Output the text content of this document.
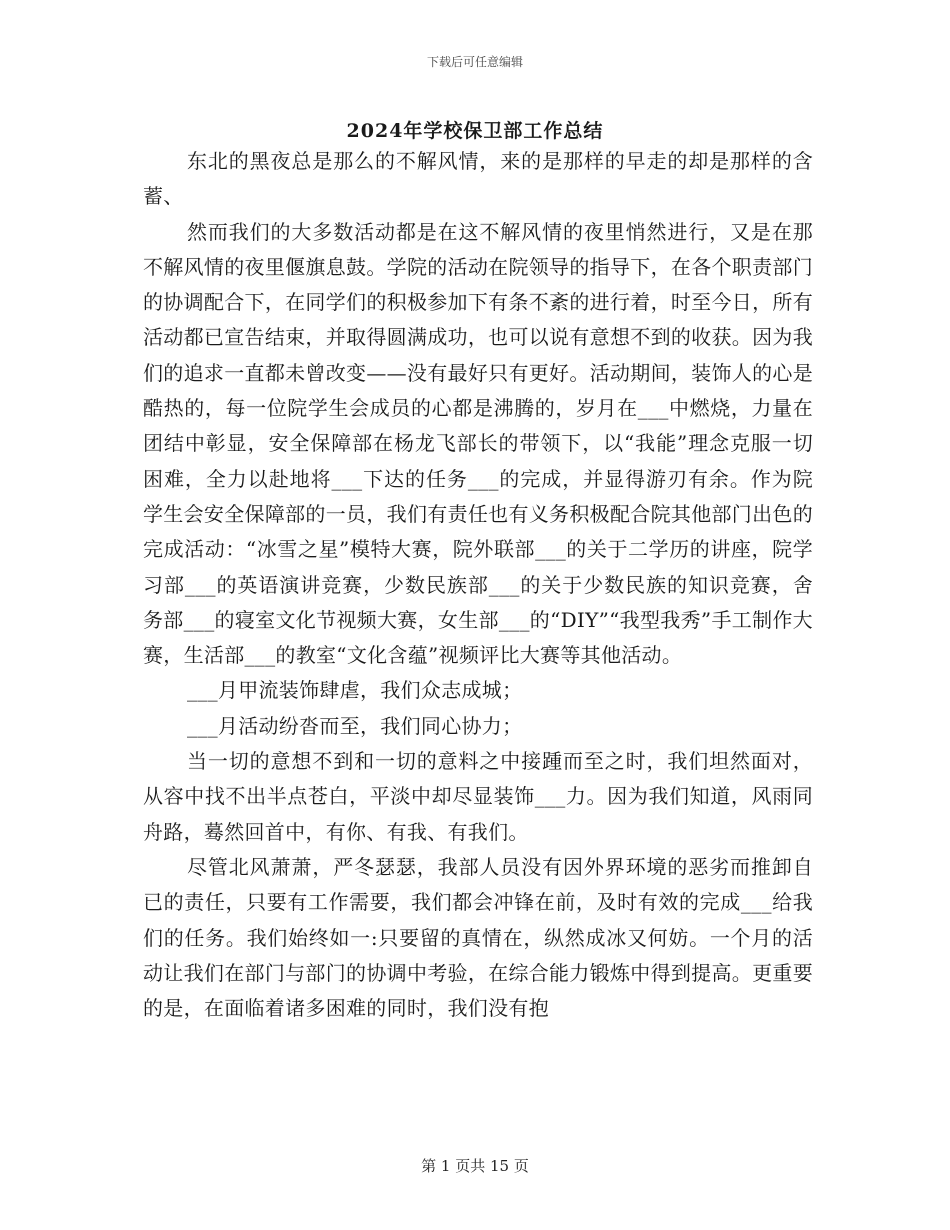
下载后可任意编辑
2024年学校保卫部工作总结

东北的黑夜总是那么的不解风情，来的是那样的早走的却是那样的含蓄、

然而我们的大多数活动都是在这不解风情的夜里悄然进行，又是在那不解风情的夜里偃旗息鼓。学院的活动在院领导的指导下，在各个职责部门的协调配合下，在同学们的积极参加下有条不紊的进行着，时至今日，所有活动都已宣告结束，并取得圆满成功，也可以说有意想不到的收获。因为我们的追求一直都未曾改变——没有最好只有更好。活动期间，装饰人的心是酷热的，每一位院学生会成员的心都是沸腾的，岁月在___中燃烧，力量在团结中彰显，安全保障部在杨龙飞部长的带领下，以“我能”理念克服一切困难，全力以赴地将___下达的任务___的完成，并显得游刃有余。作为院学生会安全保障部的一员，我们有责任也有义务积极配合院其他部门出色的完成活动：“冰雪之星”模特大赛，院外联部___的关于二学历的讲座，院学习部___的英语演讲竞赛，少数民族部___的关于少数民族的知识竞赛，舍务部___的寝室文化节视频大赛，女生部___的“DIY”“我型我秀”手工制作大赛，生活部___的教室“文化含蕴”视频评比大赛等其他活动。

___月甲流装饰肆虐，我们众志成城；

___月活动纷沓而至，我们同心协力；

当一切的意想不到和一切的意料之中接踵而至之时，我们坦然面对，从容中找不出半点苍白，平淡中却尽显装饰___力。因为我们知道，风雨同舟路，蓦然回首中，有你、有我、有我们。

尽管北风萧萧，严冬瑟瑟，我部人员没有因外界环境的恶劣而推卸自已的责任，只要有工作需要，我们都会冲锋在前，及时有效的完成___给我们的任务。我们始终如一:只要留的真情在，纵然成冰又何妨。一个月的活动让我们在部门与部门的协调中考验，在综合能力锻炼中得到提高。更重要的是，在面临着诸多困难的同时，我们没有抱

第 1 页共 15 页
